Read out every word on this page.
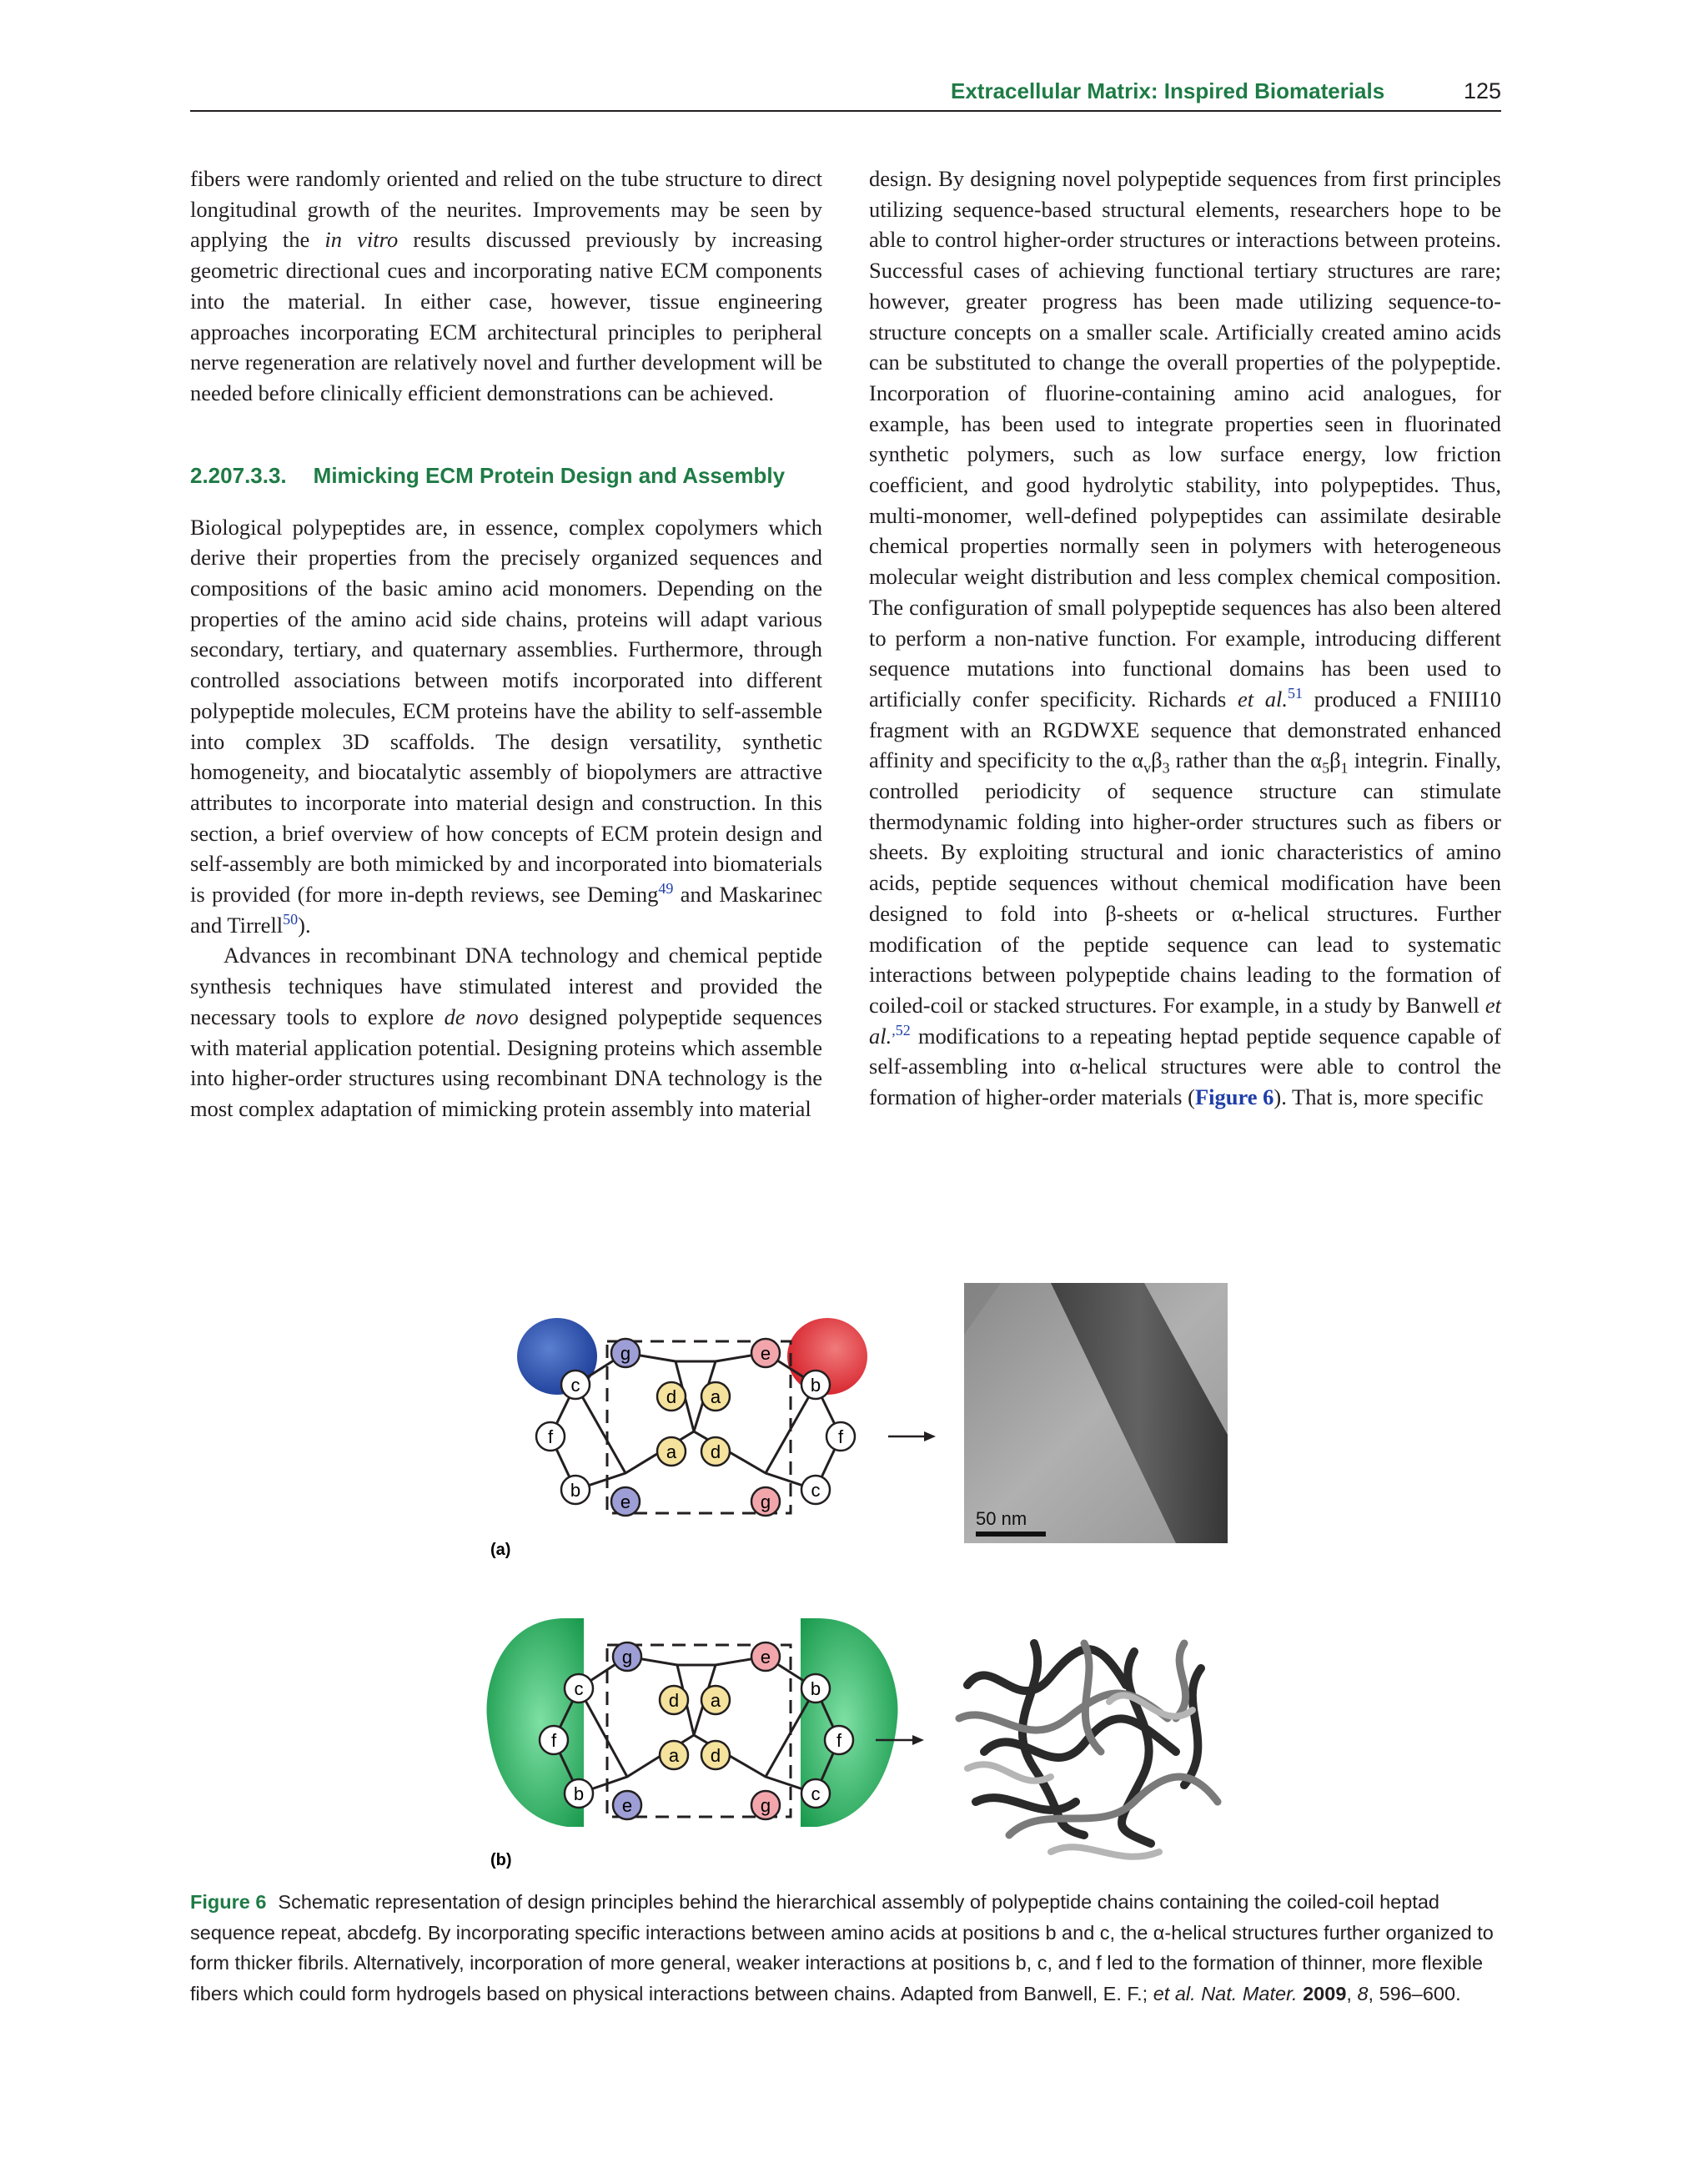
Extracellular Matrix: Inspired Biomaterials	125

fibers were randomly oriented and relied on the tube structure to direct longitudinal growth of the neurites. Improvements may be seen by applying the in vitro results discussed previously by increasing geometric directional cues and incorporating native ECM components into the material. In either case, however, tissue engineering approaches incorporating ECM architectural principles to peripheral nerve regeneration are relatively novel and further development will be needed before clinically efficient demonstrations can be achieved.

2.207.3.3. Mimicking ECM Protein Design and Assembly

Biological polypeptides are, in essence, complex copolymers which derive their properties from the precisely organized sequences and compositions of the basic amino acid monomers. Depending on the properties of the amino acid side chains, proteins will adapt various secondary, tertiary, and quaternary assemblies. Furthermore, through controlled associations between motifs incorporated into different polypeptide molecules, ECM proteins have the ability to self-assemble into complex 3D scaffolds. The design versatility, synthetic homogeneity, and biocatalytic assembly of biopolymers are attractive attributes to incorporate into material design and construction. In this section, a brief overview of how concepts of ECM protein design and self-assembly are both mimicked by and incorporated into biomaterials is provided (for more in-depth reviews, see Deming$^{49}$ and Maskarinec and Tirrell$^{50}$).

Advances in recombinant DNA technology and chemical peptide synthesis techniques have stimulated interest and provided the necessary tools to explore de novo designed polypeptide sequences with material application potential. Designing proteins which assemble into higher-order structures using recombinant DNA technology is the most complex adaptation of mimicking protein assembly into material

design. By designing novel polypeptide sequences from first principles utilizing sequence-based structural elements, researchers hope to be able to control higher-order structures or interactions between proteins. Successful cases of achieving functional tertiary structures are rare; however, greater progress has been made utilizing sequence-to-structure concepts on a smaller scale. Artificially created amino acids can be substituted to change the overall properties of the polypeptide. Incorporation of fluorine-containing amino acid analogues, for example, has been used to integrate properties seen in fluorinated synthetic polymers, such as low surface energy, low friction coefficient, and good hydrolytic stability, into polypeptides. Thus, multi-monomer, well-defined polypeptides can assimilate desirable chemical properties normally seen in polymers with heterogeneous molecular weight distribution and less complex chemical composition. The configuration of small polypeptide sequences has also been altered to perform a non-native function. For example, introducing different sequence mutations into functional domains has been used to artificially confer specificity. Richards et al.$^{51}$ produced a FNIII10 fragment with an RGDWXE sequence that demonstrated enhanced affinity and specificity to the $\alpha_v\beta_3$ rather than the $\alpha_5\beta_1$ integrin. Finally, controlled periodicity of sequence structure can stimulate thermodynamic folding into higher-order structures such as fibers or sheets. By exploiting structural and ionic characteristics of amino acids, peptide sequences without chemical modification have been designed to fold into β-sheets or α-helical structures. Further modification of the peptide sequence can lead to systematic interactions between polypeptide chains leading to the formation of coiled-coil or stacked structures. For example, in a study by Banwell et al.$^{,52}$ modifications to a repeating heptad peptide sequence capable of self-assembling into α-helical structures were able to control the formation of higher-order materials (Figure 6). That is, more specific

c
g
f
b
e
d
a
a
d
e
b
f
c
g
(a)
50 nm
c
g
f
b
e
d
a
a
d
e
b
f
c
g
(b)
Figure 6 Schematic representation of design principles behind the hierarchical assembly of polypeptide chains containing the coiled-coil heptad sequence repeat, abcdefg. By incorporating specific interactions between amino acids at positions b and c, the α-helical structures further organized to form thicker fibrils. Alternatively, incorporation of more general, weaker interactions at positions b, c, and f led to the formation of thinner, more flexible fibers which could form hydrogels based on physical interactions between chains. Adapted from Banwell, E. F.; et al. Nat. Mater. 2009, 8, 596–600.
